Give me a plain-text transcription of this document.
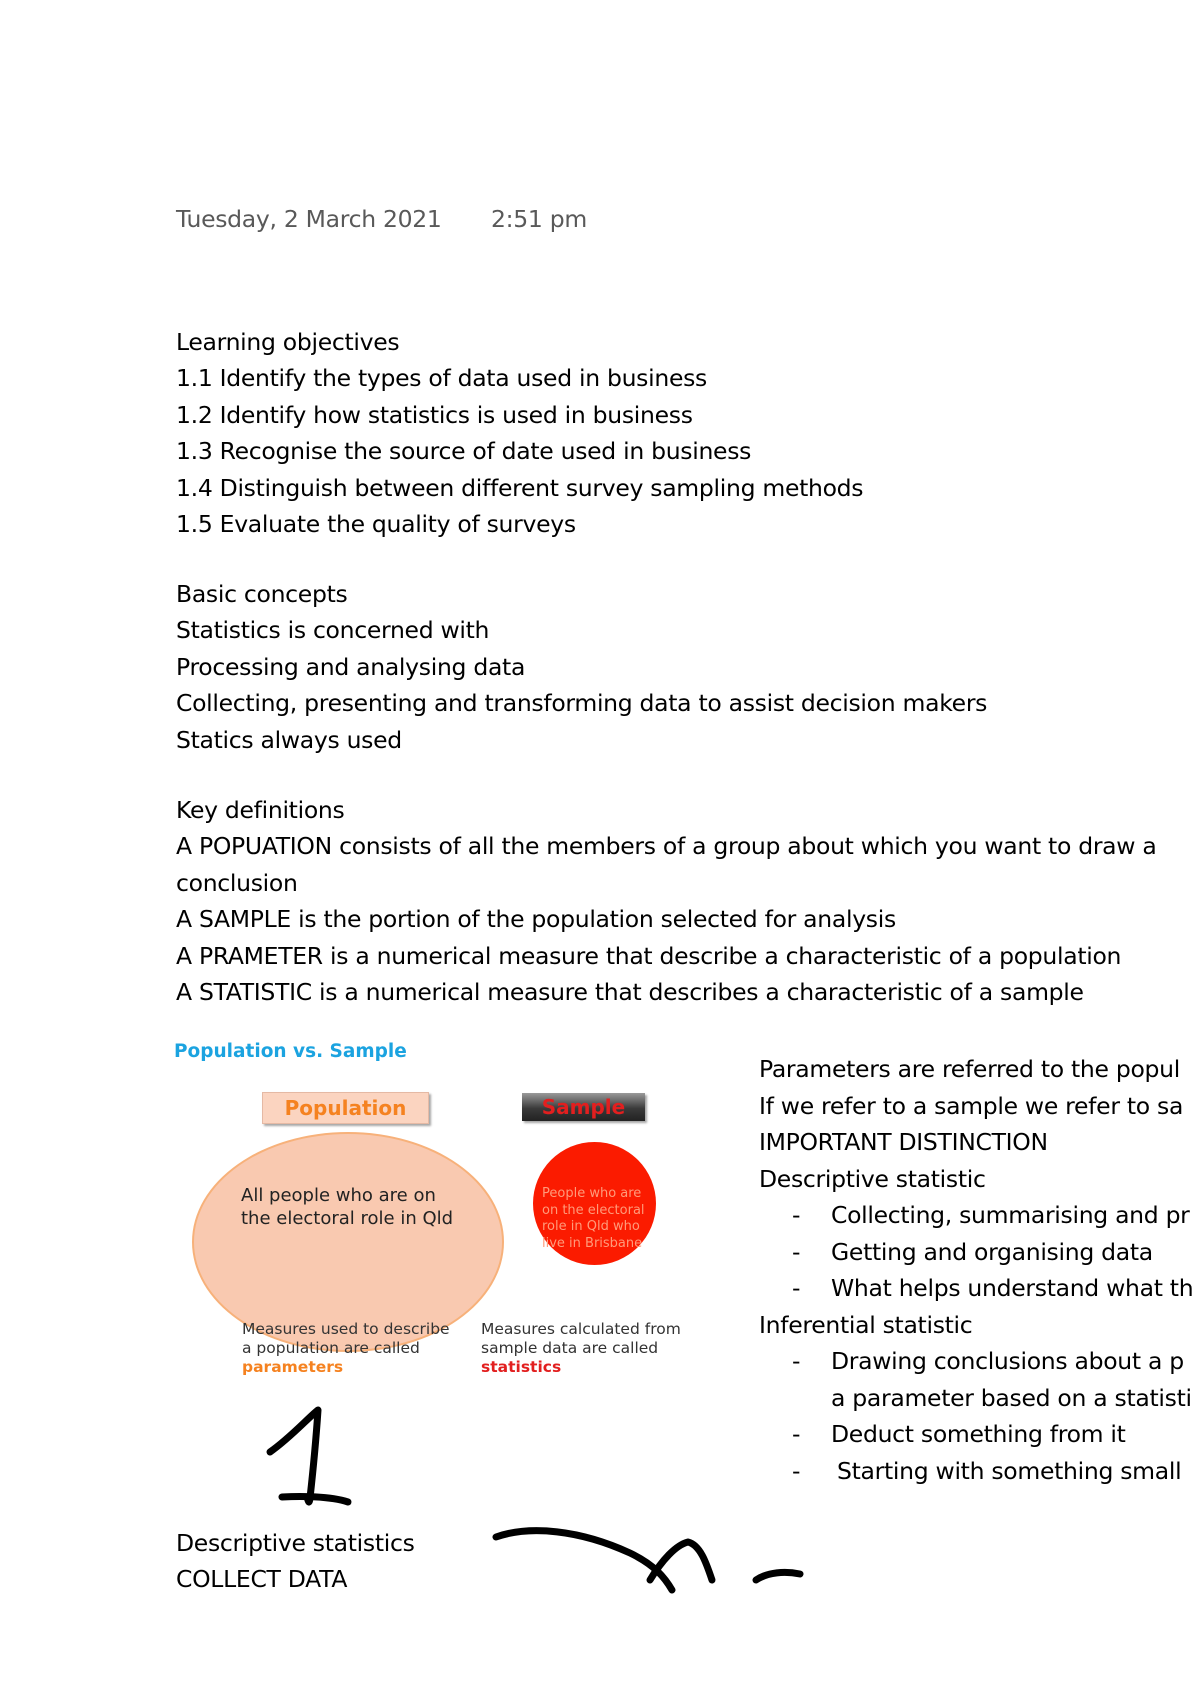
Tuesday, 2 March 2021 2:51 pm
Learning objectives
1.1 Identify the types of data used in business
1.2 Identify how statistics is used in business
1.3 Recognise the source of date used in business
1.4 Distinguish between different survey sampling methods
1.5 Evaluate the quality of surveys
Basic concepts
Statistics is concerned with
Processing and analysing data
Collecting, presenting and transforming data to assist decision makers
Statics always used
Key definitions
A POPUATION consists of all the members of a group about which you want to draw a
conclusion
A SAMPLE is the portion of the population selected for analysis
A PRAMETER is a numerical measure that describe a characteristic of a population
A STATISTIC is a numerical measure that describes a characteristic of a sample
Population vs. Sample
Population	Sample
All people who are on the electoral role in Qld
People who are on the electoral role in Qld who live in Brisbane
Measures used to describe a population are called parameters
Measures calculated from sample data are called statistics
Parameters are referred to the popul
If we refer to a sample we refer to sa
IMPORTANT DISTINCTION
Descriptive statistic
- Collecting, summarising and pr
- Getting and organising data
- What helps understand what th
Inferential statistic
- Drawing conclusions about a p
a parameter based on a statisti
- Deduct something from it
- Starting with something small
Descriptive statistics
COLLECT DATA
